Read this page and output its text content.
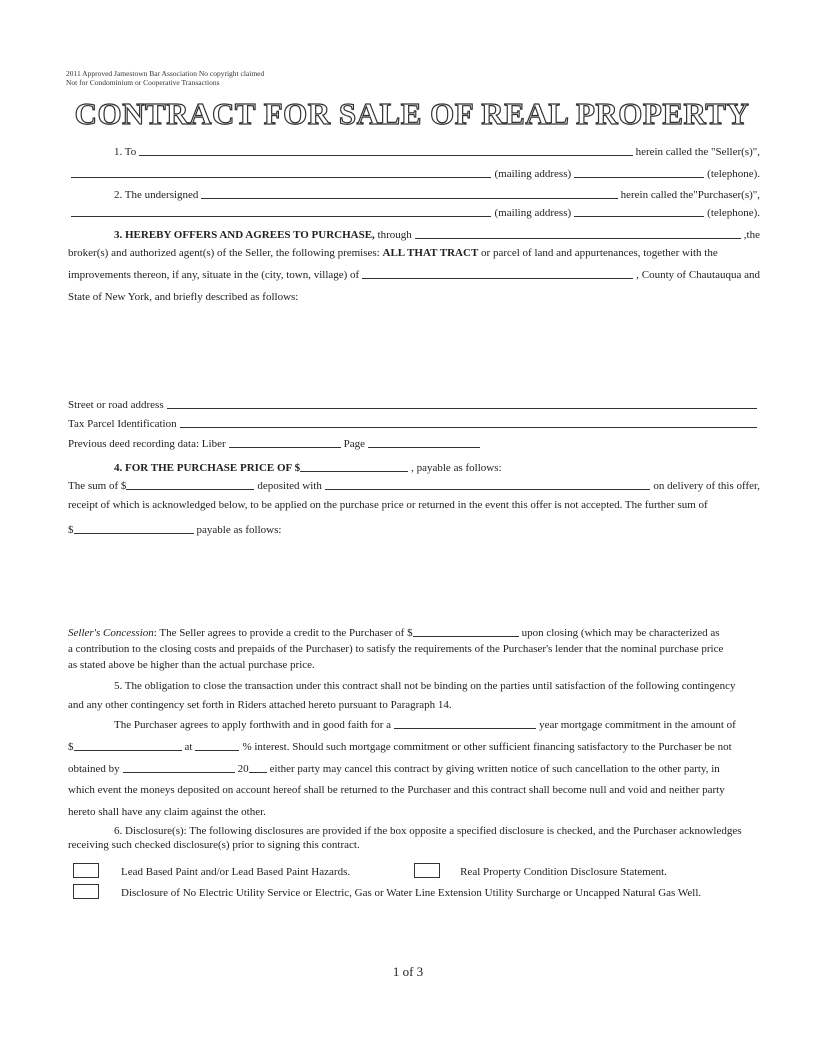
2011 Approved Jamestown Bar Association No copyright claimed
Not for Condominium or Cooperative Transactions
CONTRACT FOR SALE OF REAL PROPERTY
1. To	herein called the "Seller(s)",
(mailing address)	(telephone).
2. The undersigned	herein called the"Purchaser(s)",
(mailing address)	(telephone).
3. HEREBY OFFERS AND AGREES TO PURCHASE,
through	,the
broker(s) and authorized agent(s) of the Seller, the following premises:
ALL THAT TRACT
or parcel of land and appurtenances, together with the
improvements thereon, if any, situate in the (city, town, village) of	, County of Chautauqua and
State of New York, and briefly described as follows:
Street or road address
Tax Parcel Identification
Previous deed recording data: Liber	Page
4. FOR THE PURCHASE PRICE OF $	, payable as follows:
The sum of $	deposited with	on delivery of this offer,
receipt of which is acknowledged below, to be applied on the purchase price or returned in the event this offer is not accepted. The further sum of
$	payable as follows:
Seller's Concession : The Seller agrees to provide a credit to the Purchaser of $	upon closing (which may be characterized as
a contribution to the closing costs and prepaids of the Purchaser) to satisfy the requirements of the Purchaser's lender that the nominal purchase price
as stated above be higher than the actual purchase price.
5. The obligation to close the transaction under this contract shall not be binding on the parties until satisfaction of the following contingency
and any other contingency set forth in Riders attached hereto pursuant to Paragraph 14.
The Purchaser agrees to apply forthwith and in good faith for a	year mortgage commitment in the amount of
$	at	% interest. Should such mortgage commitment or other sufficient financing satisfactory to the Purchaser be not
obtained by	20 either party may cancel this contract by giving written notice of such cancellation to the other party, in
which event the moneys deposited on account hereof shall be returned to the Purchaser and this contract shall become null and void and neither party
hereto shall have any claim against the other.
6. Disclosure(s): The following disclosures are provided if the box opposite a specified disclosure is checked, and the Purchaser acknowledges
receiving such checked disclosure(s) prior to signing this contract.
Lead Based Paint and/or Lead Based Paint Hazards.	Real Property Condition Disclosure Statement.
Disclosure of No Electric Utility Service or Electric, Gas or Water Line Extension Utility Surcharge or Uncapped Natural Gas Well.
1 of 3
